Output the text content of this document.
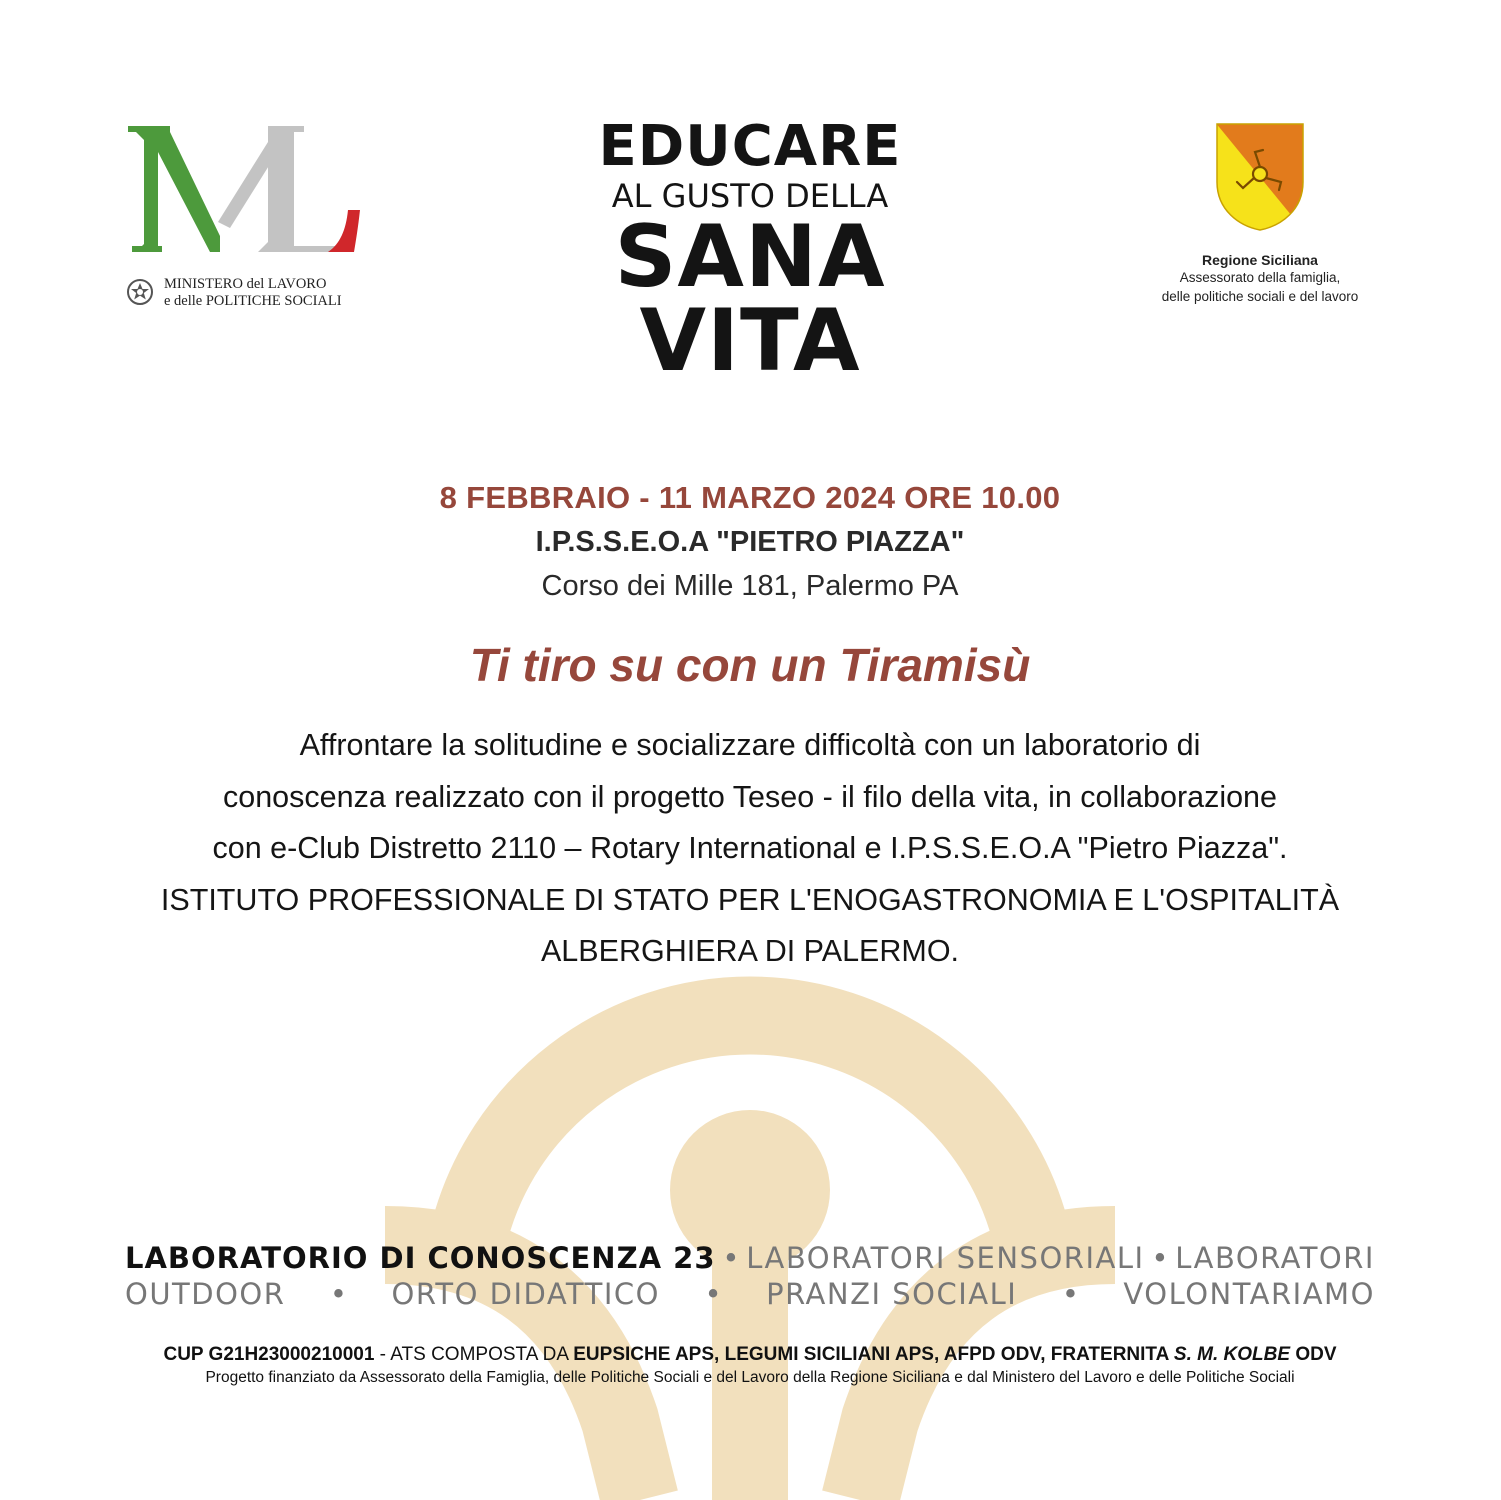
MINISTERO del LAVORO
e delle POLITICHE SOCIALI
EDUCARE
AL GUSTO DELLA
SANA
VITA
Regione Siciliana
Assessorato della famiglia,
delle politiche sociali e del lavoro
8 FEBBRAIO - 11 MARZO 2024 ORE 10.00
I.P.S.S.E.O.A "PIETRO PIAZZA"
Corso dei Mille 181, Palermo PA
Ti tiro su con un Tiramisù
Affrontare la solitudine e socializzare difficoltà con un laboratorio di
conoscenza realizzato con il progetto Teseo - il filo della vita, in collaborazione
con e-Club Distretto 2110 – Rotary International e I.P.S.S.E.O.A "Pietro Piazza".
ISTITUTO PROFESSIONALE DI STATO PER L'ENOGASTRONOMIA E L'OSPITALITÀ
ALBERGHIERA DI PALERMO.
LABORATORIO DI CONOSCENZA 23 • LABORATORI SENSORIALI • LABORATORI
OUTDOOR • ORTO DIDATTICO • PRANZI SOCIALI • VOLONTARIAMO
CUP G21H23000210001 - ATS COMPOSTA DA EUPSICHE APS, LEGUMI SICILIANI APS, AFPD ODV, FRATERNITA S. M. KOLBE ODV
Progetto finanziato da Assessorato della Famiglia, delle Politiche Sociali e del Lavoro della Regione Siciliana e dal Ministero del Lavoro e delle Politiche Sociali
